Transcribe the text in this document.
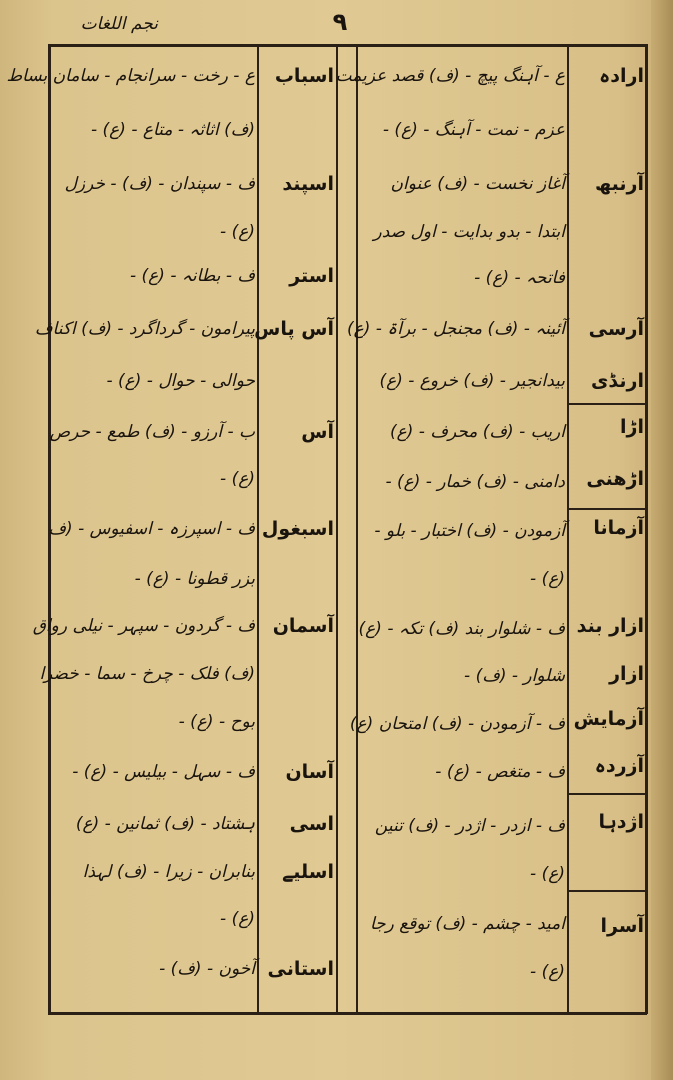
نجم اللغات	٩
ارادہ
آرنبھ
آرسی
ارنڈی
اڑا
اڑھنی
آزمانا
ازار بند
ازار
آزمایش
آزردہ
اژدہا
آسرا
ع - آہنگ پیچ - (ف) قصد عزیمت
عزم - نمت - آہنگ - (ع) -
آغاز نخست - (ف) عنوان
ابتدا - بدو بدایت - اول صدر
فاتحہ - (ع) -
آئینہ - (ف) مجنجل - برآۃ - (ع)
بیدانجیر - (ف) خروع - (ع)
اریب - (ف) محرف - (ع)
دامنی - (ف) خمار - (ع) -
آزمودن - (ف) اختبار - بلو -
(ع) -
ف - شلوار بند (ف) تکہ - (ع)
شلوار - (ف) -
ف - آزمودن - (ف) امتحان (ع)
ف - متغص - (ع) -
ف - ازدر - اژدر - (ف) تنین
(ع) -
امید - چشم - (ف) توقع رجا
(ع) -
اسباب
اسپند
استر
آس پاس
آس
اسبغول
آسمان
آسان
اسی
اسلیے
استانی
ع - رخت - سرانجام - سامان بساط
(ف) اثاثہ - متاع - (ع) -
ف - سپندان - (ف) - خرزل
(ع) -
ف - بطانہ - (ع) -
پیرامون - گرداگرد - (ف) اکناف
حوالی - حوال - (ع) -
ب - آرزو - (ف) طمع - حرص
(ع) -
ف - اسپرزہ - اسفیوس - (ف
بزر قطونا - (ع) -
ف - گردون - سپہر - نیلی رواق
(ف) فلک - چرخ - سما - خضرا
بوح - (ع) -
ف - سہل - بیلیس - (ع) -
ہشتاد - (ف) ثمانین - (ع)
بنابران - زیرا - (ف) لہذا
(ع) -
آخون - (ف) -
